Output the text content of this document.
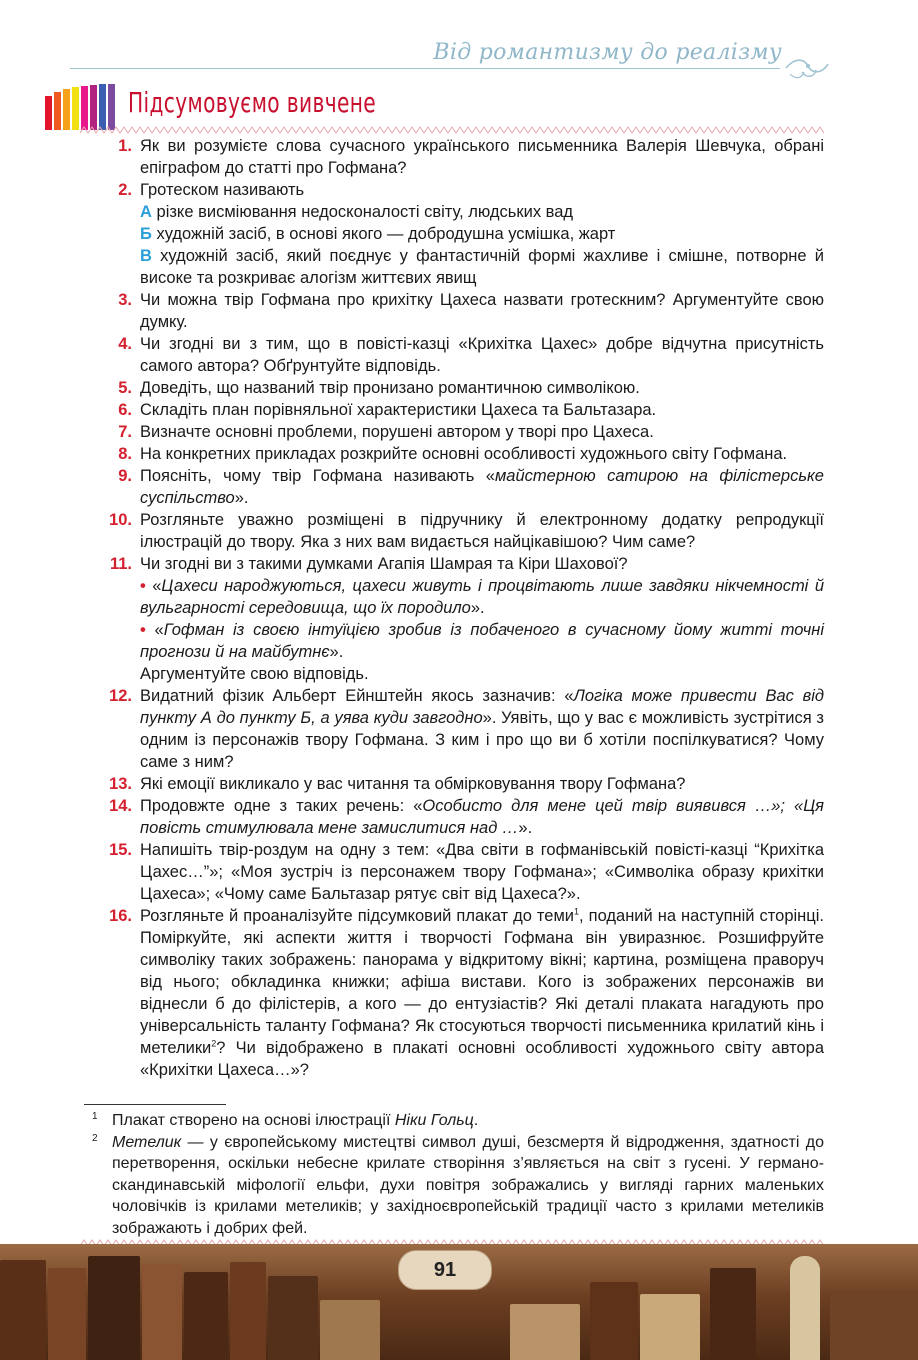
Від романтизму до реалізму
Підсумовуємо вивчене
1. Як ви розумієте слова сучасного українського письменника Валерія Шевчука, обрані епіграфом до статті про Гофмана?
2. Гротеском називають
А різке висміювання недосконалості світу, людських вад
Б художній засіб, в основі якого — добродушна усмішка, жарт
В художній засіб, який поєднує у фантастичній формі жахливе і смішне, потворне й високе та розкриває алогізм життєвих явищ
3. Чи можна твір Гофмана про крихітку Цахеса назвати гротескним? Аргументуйте свою думку.
4. Чи згодні ви з тим, що в повісті-казці «Крихітка Цахес» добре відчутна присутність самого автора? Обґрунтуйте відповідь.
5. Доведіть, що названий твір пронизано романтичною символікою.
6. Складіть план порівняльної характеристики Цахеса та Бальтазара.
7. Визначте основні проблеми, порушені автором у творі про Цахеса.
8. На конкретних прикладах розкрийте основні особливості художнього світу Гофмана.
9. Поясніть, чому твір Гофмана називають «майстерною сатирою на філістерське суспільство».
10. Розгляньте уважно розміщені в підручнику й електронному додатку репродукції ілюстрацій до твору. Яка з них вам видається найцікавішою? Чим саме?
11. Чи згодні ви з такими думками Агапія Шамрая та Кіри Шахової?
• «Цахеси народжуються, цахеси живуть і процвітають лише завдяки нікчемності й вульгарності середовища, що їх породило».
• «Гофман із своєю інтуїцією зробив із побаченого в сучасному йому житті точні прогнози й на майбутнє».
Аргументуйте свою відповідь.
12. Видатний фізик Альберт Ейнштейн якось зазначив: «Логіка може привести Вас від пункту А до пункту Б, а уява куди завгодно». Уявіть, що у вас є можливість зустрітися з одним із персонажів твору Гофмана. З ким і про що ви б хотіли поспілкуватися? Чому саме з ним?
13. Які емоції викликало у вас читання та обмірковування твору Гофмана?
14. Продовжте одне з таких речень: «Особисто для мене цей твір виявився …»; «Ця повість стимулювала мене замислитися над …».
15. Напишіть твір-роздум на одну з тем: «Два світи в гофманівській повісті-казці “Крихітка Цахес…”»; «Моя зустріч із персонажем твору Гофмана»; «Символіка образу крихітки Цахеса»; «Чому саме Бальтазар рятує світ від Цахеса?».
16. Розгляньте й проаналізуйте підсумковий плакат до теми$^1$, поданий на наступній сторінці. Поміркуйте, які аспекти життя і творчості Гофмана він увиразнює. Розшифруйте символіку таких зображень: панорама у відкритому вікні; картина, розміщена праворуч від нього; обкладинка книжки; афіша вистави. Кого із зображених персонажів ви віднесли б до філістерів, а кого — до ентузіастів? Які деталі плаката нагадують про універсальність таланту Гофмана? Як стосуються творчості письменника крилатий кінь і метелики$^2$? Чи відображено в плакаті основні особливості художнього світу автора «Крихітки Цахеса…»?
1 Плакат створено на основі ілюстрації Ніки Гольц.
2 Метелик — у європейському мистецтві символ душі, безсмертя й відродження, здатності до перетворення, оскільки небесне крилате створіння з’являється на світ з гусені. У германо-скандинавській міфології ельфи, духи повітря зображались у вигляді гарних маленьких чоловічків із крилами метеликів; у західноєвропейській традиції часто з крилами метеликів зображають і добрих фей.
91
